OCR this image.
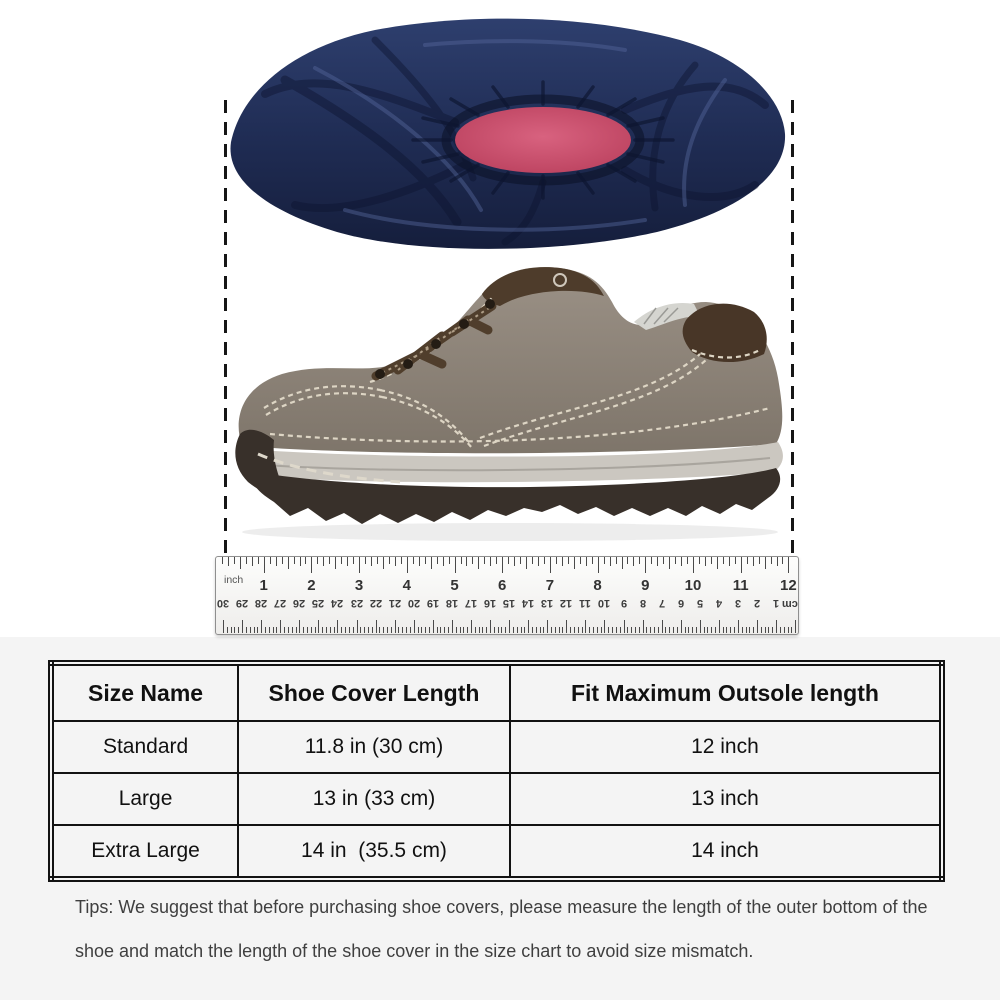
inch
cm
1	2	3	4	5	6	7	8	9 10 11 12
30 29 28 27 26 25 24 23 22 21 20 19 18 17 16 15 14 13 12 11 10 9 8 7 6 5 4 3 2 1
Size Name	Shoe Cover Length	Fit Maximum Outsole length
Standard	11.8 in (30 cm)	12 inch
Large	13 in (33 cm)	13 inch
Extra Large	14 in  (35.5 cm)	14 inch
Tips: We suggest that before purchasing shoe covers, please measure the length of the outer bottom of the
shoe and match the length of the shoe cover in the size chart to avoid size mismatch.
